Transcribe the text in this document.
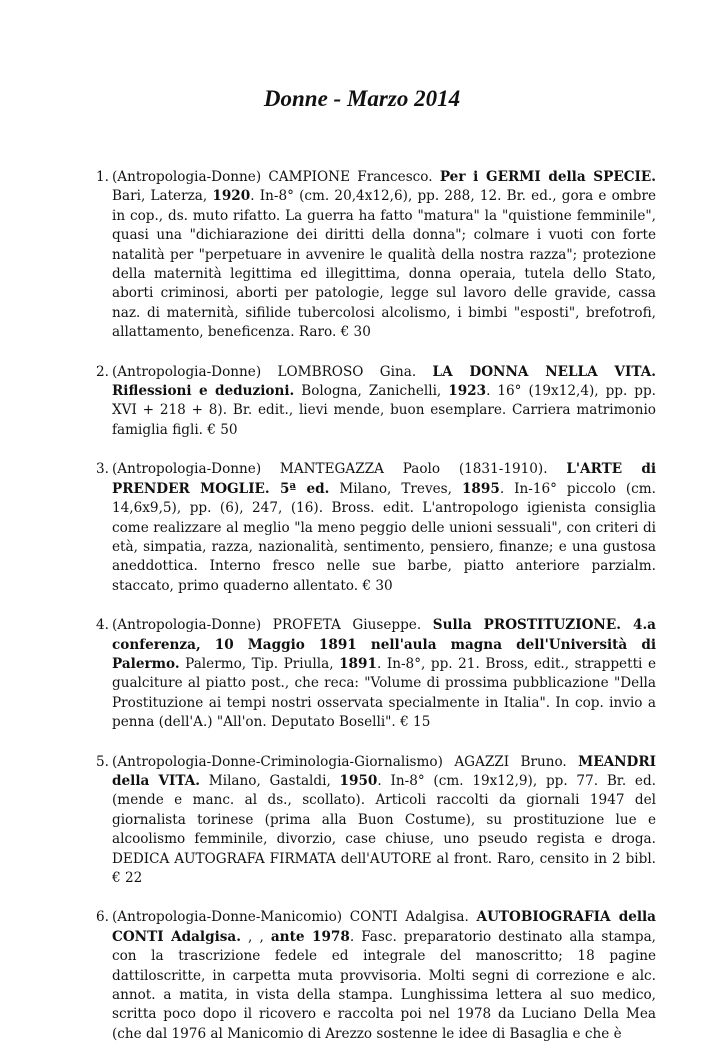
Donne - Marzo 2014
1. (Antropologia-Donne) CAMPIONE Francesco. Per i GERMI della SPECIE. Bari, Laterza, 1920. In-8° (cm. 20,4x12,6), pp. 288, 12. Br. ed., gora e ombre in cop., ds. muto rifatto. La guerra ha fatto "matura" la "quistione femminile", quasi una "dichiarazione dei diritti della donna"; colmare i vuoti con forte natalità per "perpetuare in avvenire le qualità della nostra razza"; protezione della maternità legittima ed illegittima, donna operaia, tutela dello Stato, aborti criminosi, aborti per patologie, legge sul lavoro delle gravide, cassa naz. di maternità, sifilide tubercolosi alcolismo, i bimbi "esposti", brefotrofi, allattamento, beneficenza. Raro. € 30
2. (Antropologia-Donne) LOMBROSO Gina. LA DONNA NELLA VITA. Riflessioni e deduzioni. Bologna, Zanichelli, 1923. 16° (19x12,4), pp. pp. XVI + 218 + 8). Br. edit., lievi mende, buon esemplare. Carriera matrimonio famiglia figli. € 50
3. (Antropologia-Donne) MANTEGAZZA Paolo (1831-1910). L'ARTE di PRENDER MOGLIE. 5ª ed. Milano, Treves, 1895. In-16° piccolo (cm. 14,6x9,5), pp. (6), 247, (16). Bross. edit. L'antropologo igienista consiglia come realizzare al meglio "la meno peggio delle unioni sessuali", con criteri di età, simpatia, razza, nazionalità, sentimento, pensiero, finanze; e una gustosa aneddottica. Interno fresco nelle sue barbe, piatto anteriore parzialm. staccato, primo quaderno allentato. € 30
4. (Antropologia-Donne) PROFETA Giuseppe. Sulla PROSTITUZIONE. 4.a conferenza, 10 Maggio 1891 nell'aula magna dell'Università di Palermo. Palermo, Tip. Priulla, 1891. In-8°, pp. 21. Bross, edit., strappetti e gualciture al piatto post., che reca: "Volume di prossima pubblicazione "Della Prostituzione ai tempi nostri osservata specialmente in Italia". In cop. invio a penna (dell'A.) "All'on. Deputato Boselli". € 15
5. (Antropologia-Donne-Criminologia-Giornalismo) AGAZZI Bruno. MEANDRI della VITA. Milano, Gastaldi, 1950. In-8° (cm. 19x12,9), pp. 77. Br. ed. (mende e manc. al ds., scollato). Articoli raccolti da giornali 1947 del giornalista torinese (prima alla Buon Costume), su prostituzione lue e alcoolismo femminile, divorzio, case chiuse, uno pseudo regista e droga. DEDICA AUTOGRAFA FIRMATA dell'AUTORE al front. Raro, censito in 2 bibl. € 22
6. (Antropologia-Donne-Manicomio) CONTI Adalgisa. AUTOBIOGRAFIA della CONTI Adalgisa. , , ante 1978. Fasc. preparatorio destinato alla stampa, con la trascrizione fedele ed integrale del manoscritto; 18 pagine dattiloscritte, in carpetta muta provvisoria. Molti segni di correzione e alc. annot. a matita, in vista della stampa. Lunghissima lettera al suo medico, scritta poco dopo il ricovero e raccolta poi nel 1978 da Luciano Della Mea (che dal 1976 al Manicomio di Arezzo sostenne le idee di Basaglia e che è
